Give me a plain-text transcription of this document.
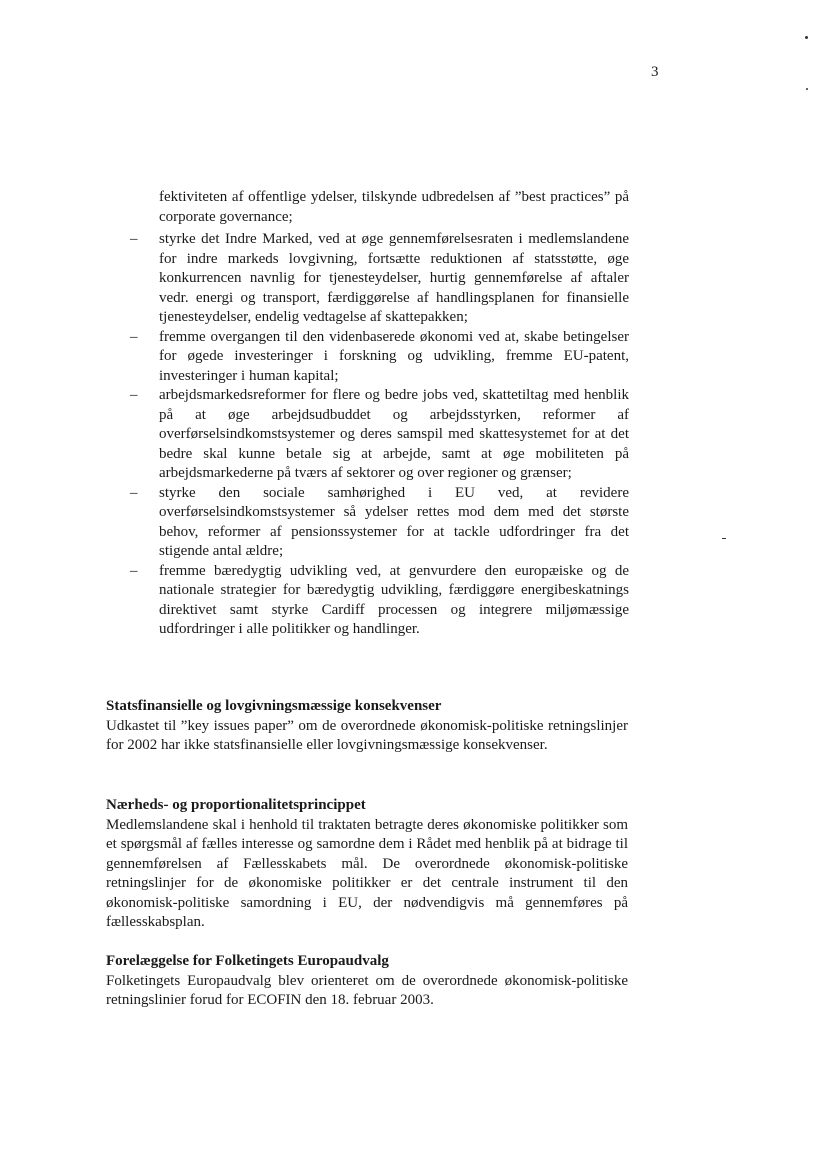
3
fektiviteten af offentlige ydelser, tilskynde udbredelsen af ”best practices” på corporate governance;
– styrke det Indre Marked, ved at øge gennemførelsesraten i medlemslandene for indre markeds lovgivning, fortsætte reduktionen af statsstøtte, øge konkurrencen navnlig for tjenesteydelser, hurtig gennemførelse af aftaler vedr. energi og transport, færdiggørelse af handlingsplanen for finansielle tjenesteydelser, endelig vedtagelse af skattepakken;
– fremme overgangen til den videnbaserede økonomi ved at, skabe betingelser for øgede investeringer i forskning og udvikling, fremme EU-patent, investeringer i human kapital;
– arbejdsmarkedsreformer for flere og bedre jobs ved, skattetiltag med henblik på at øge arbejdsudbuddet og arbejdsstyrken, reformer af overførselsindkomstsystemer og deres samspil med skattesystemet for at det bedre skal kunne betale sig at arbejde, samt at øge mobiliteten på arbejdsmarkederne på tværs af sektorer og over regioner og grænser;
– styrke den sociale samhørighed i EU ved, at revidere overførselsindkomstsystemer så ydelser rettes mod dem med det største behov, reformer af pensionssystemer for at tackle udfordringer fra det stigende antal ældre;
– fremme bæredygtig udvikling ved, at genvurdere den europæiske og de nationale strategier for bæredygtig udvikling, færdiggøre energibeskatnings direktivet samt styrke Cardiff processen og integrere miljømæssige udfordringer i alle politikker og handlinger.

Statsfinansielle og lovgivningsmæssige konsekvenser

Udkastet til ”key issues paper” om de overordnede økonomisk-politiske retningslinjer for 2002 har ikke statsfinansielle eller lovgivningsmæssige konsekvenser.

Nærheds- og proportionalitetsprincippet

Medlemslandene skal i henhold til traktaten betragte deres økonomiske politikker som et spørgsmål af fælles interesse og samordne dem i Rådet med henblik på at bidrage til gennemførelsen af Fællesskabets mål. De overordnede økonomisk-politiske retningslinjer for de økonomiske politikker er det centrale instrument til den økonomisk-politiske samordning i EU, der nødvendigvis må gennemføres på fællesskabsplan.

Forelæggelse for Folketingets Europaudvalg

Folketingets Europaudvalg blev orienteret om de overordnede økonomisk-politiske retningslinier forud for ECOFIN den 18. februar 2003.
